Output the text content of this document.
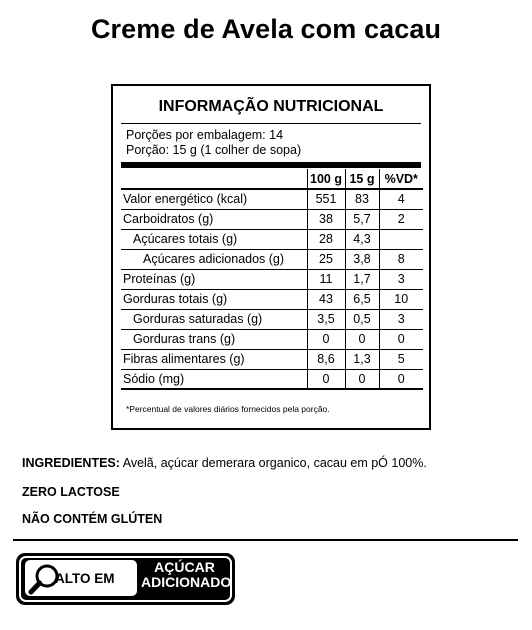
Creme de Avela com cacau
INFORMAÇÃO NUTRICIONAL
Porções por embalagem: 14
Porção: 15 g (1 colher de sopa)
	100 g	15 g	%VD*
Valor energético (kcal)	551	83	4
Carboidratos (g)	38	5,7	2
Açúcares totais (g)	28	4,3	
Açúcares adicionados (g)	25	3,8	8
Proteínas (g)	11	1,7	3
Gorduras totais (g)	43	6,5	10
Gorduras saturadas (g)	3,5	0,5	3
Gorduras trans (g)	0	0	0
Fibras alimentares (g)	8,6	1,3	5
Sódio (mg)	0	0	0
*Percentual de valores diários fornecidos pela porção.
INGREDIENTES: Avelã, açúcar demerara organico, cacau em pÓ 100%.
ZERO LACTOSE
NÃO CONTÉM GLÚTEN
ALTO EM
AÇÚCAR
ADICIONADO
